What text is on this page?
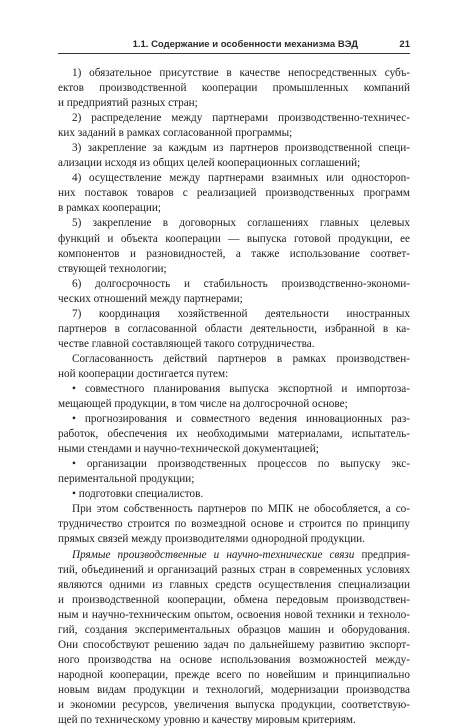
1.1. Содержание и особенности механизма ВЭД	21
1) обязательное присутствие в качестве непосредственных субъ-
ектов производственной кооперации промышленных компаний
и предприятий разных стран;
2) распределение между партнерами производственно-техничес-
ких заданий в рамках согласованной программы;
3) закрепление за каждым из партнеров производственной специ-
ализации исходя из общих целей кооперационных соглашений;
4) осуществление между партнерами взаимных или одностороn-
них поставок товаров с реализацией производственных программ
в рамках кооперации;
5) закрепление в договорных соглашениях главных целевых
функций и объекта кооперации — выпуска готовой продукции, ее
компонентов и разновидностей, а также использование соответ-
ствующей технологии;
6) долгосрочность и стабильность производственно-экономи-
ческих отношений между партнерами;
7) координация хозяйственной деятельности иностранных
партнеров в согласованной области деятельности, избранной в ка-
честве главной составляющей такого сотрудничества.
Согласованность действий партнеров в рамках производствен-
ной кооперации достигается путем:
• совместного планирования выпуска экспортной и импортоза-
мещающей продукции, в том числе на долгосрочной основе;
• прогнозирования и совместного ведения инновационных раз-
работок, обеспечения их необходимыми материалами, испытатель-
ными стендами и научно-технической документацией;
• организации производственных процессов по выпуску экс-
периментальной продукции;
• подготовки специалистов.
При этом собственность партнеров по МПК не обособляется, а со-
трудничество строится по возмездной основе и строится по принципу
прямых связей между производителями однородной продукции.
Прямые производственные и научно-технические связи предприя-
тий, объединений и организаций разных стран в современных условиях
являются одними из главных средств осуществления специализации
и производственной кооперации, обмена передовым производствен-
ным и научно-техническим опытом, освоения новой техники и техноло-
гий, создания экспериментальных образцов машин и оборудования.
Они способствуют решению задач по дальнейшему развитию экспорт-
ного производства на основе использования возможностей между-
народной кооперации, прежде всего по новейшим и принципиально
новым видам продукции и технологий, модернизации производства
и экономии ресурсов, увеличения выпуска продукции, соответствую-
щей по техническому уровню и качеству мировым критериям.
